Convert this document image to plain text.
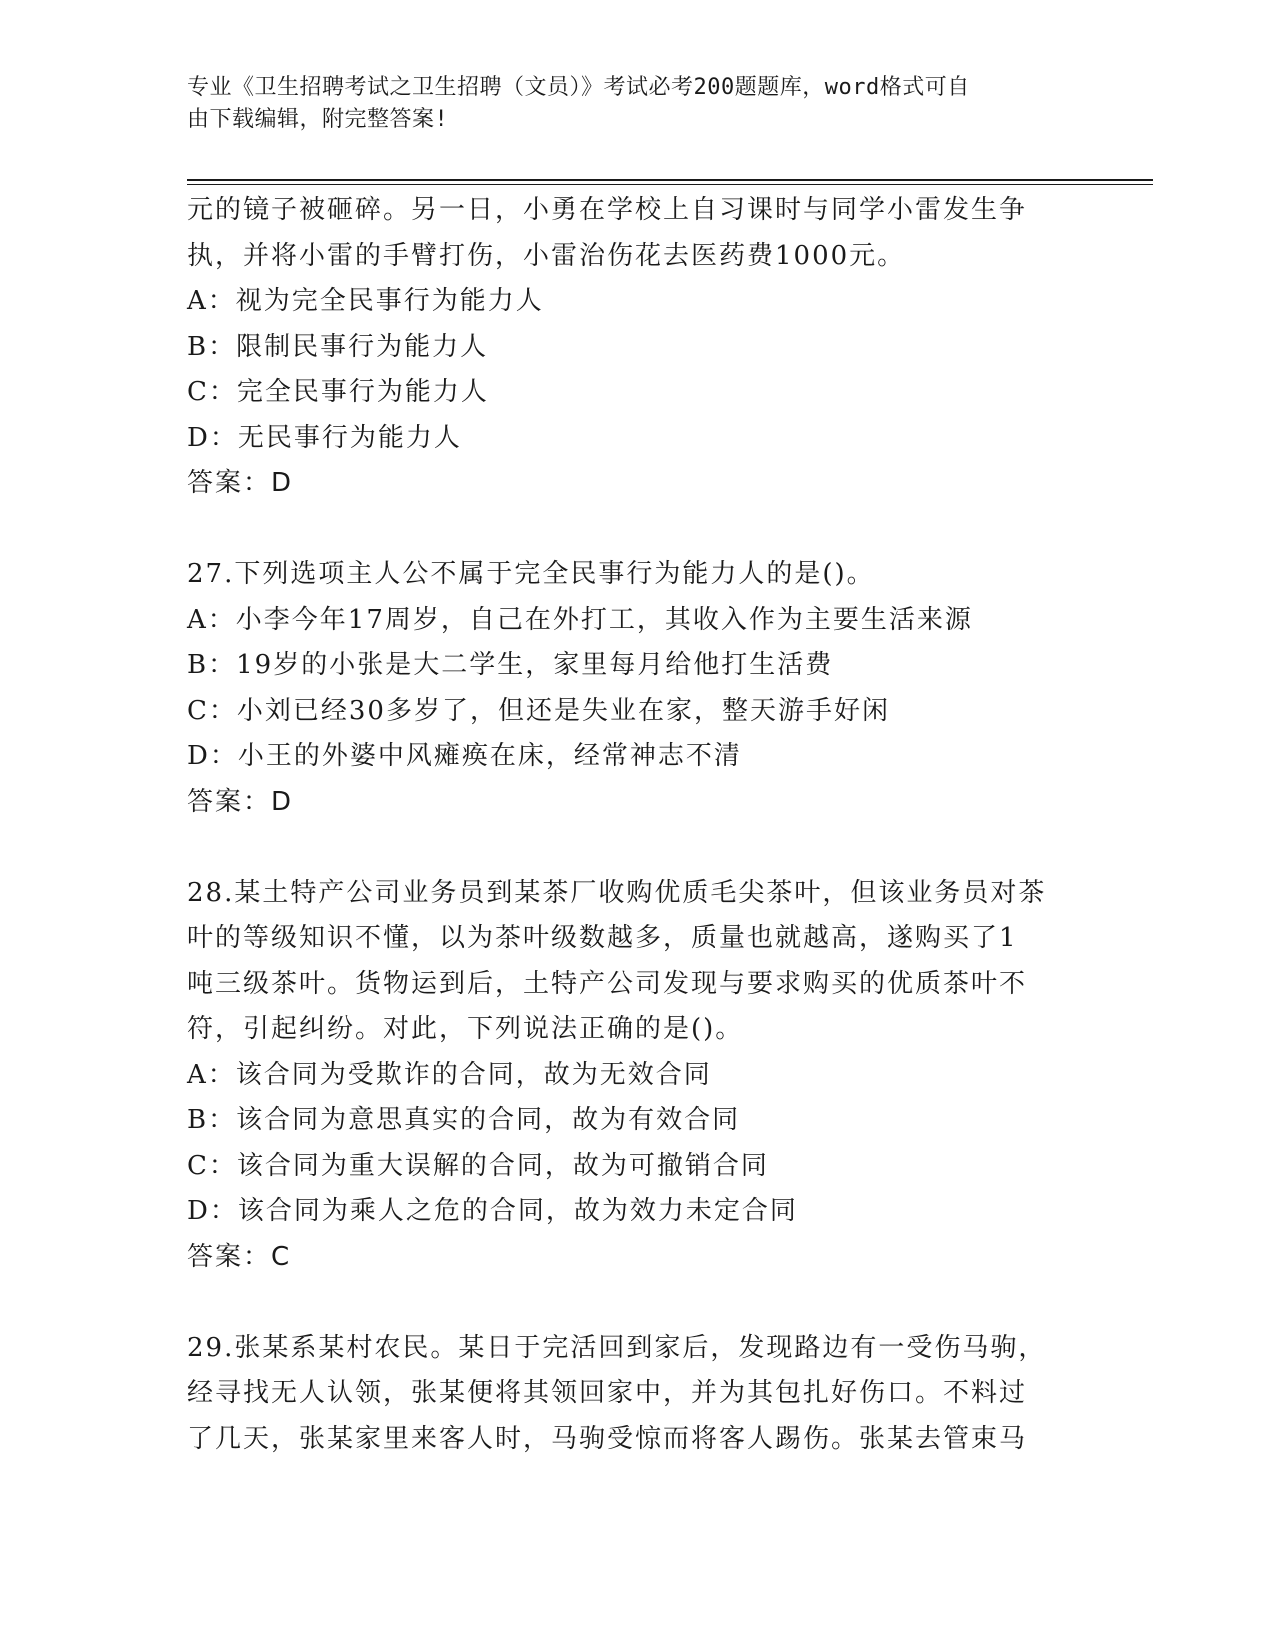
专业《卫生招聘考试之卫生招聘（文员）》考试必考200题题库，word格式可自
由下载编辑，附完整答案!
元的镜子被砸碎。另一日，小勇在学校上自习课时与同学小雷发生争
执，并将小雷的手臂打伤，小雷治伤花去医药费1000元。
A：视为完全民事行为能力人
B：限制民事行为能力人
C：完全民事行为能力人
D：无民事行为能力人
答案：D
27.下列选项主人公不属于完全民事行为能力人的是()。
A：小李今年17周岁，自己在外打工，其收入作为主要生活来源
B：19岁的小张是大二学生，家里每月给他打生活费
C：小刘已经30多岁了，但还是失业在家，整天游手好闲
D：小王的外婆中风瘫痪在床，经常神志不清
答案：D
28.某土特产公司业务员到某茶厂收购优质毛尖茶叶，但该业务员对茶
叶的等级知识不懂，以为茶叶级数越多，质量也就越高，遂购买了1
吨三级茶叶。货物运到后，土特产公司发现与要求购买的优质茶叶不
符，引起纠纷。对此，下列说法正确的是()。
A：该合同为受欺诈的合同，故为无效合同
B：该合同为意思真实的合同，故为有效合同
C：该合同为重大误解的合同，故为可撤销合同
D：该合同为乘人之危的合同，故为效力未定合同
答案：C
29.张某系某村农民。某日于完活回到家后，发现路边有一受伤马驹，
经寻找无人认领，张某便将其领回家中，并为其包扎好伤口。不料过
了几天，张某家里来客人时，马驹受惊而将客人踢伤。张某去管束马
